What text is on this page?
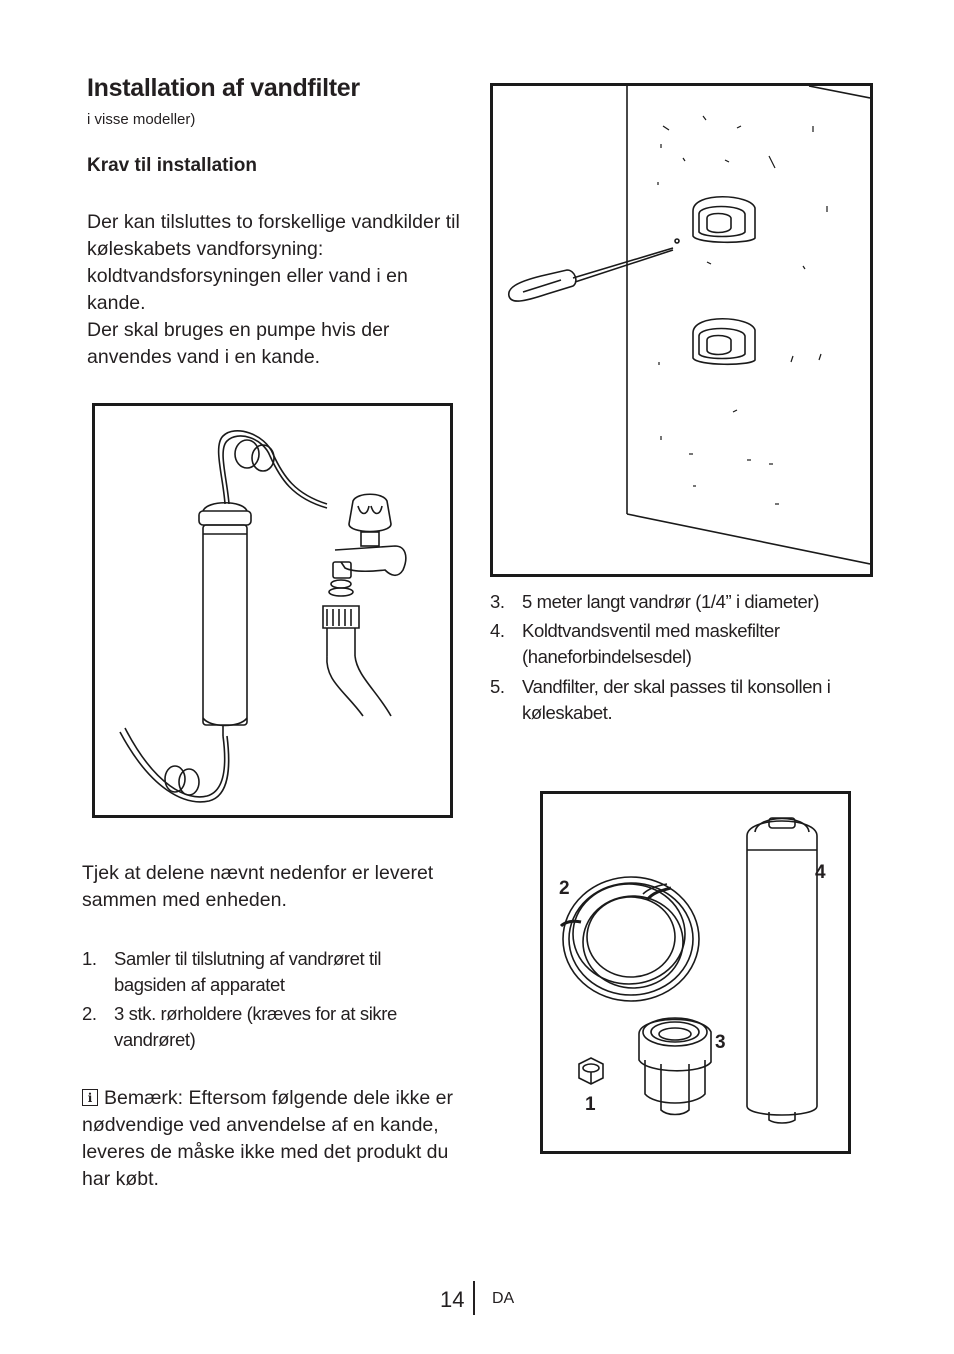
Installation af vandfilter
i visse modeller)
Krav til installation
Der kan tilsluttes to forskellige vandkilder til køleskabets vandforsyning: koldtvandsforsyningen eller vand i en kande.
Der skal bruges en pumpe hvis der anvendes vand i en kande.
3. 5 meter langt vandrør (1/4” i diameter)
4. Koldtvandsventil med maskefilter
(haneforbindelsesdel)
5. Vandfilter, der skal passes til konsollen i
køleskabet.
Tjek at delene nævnt nedenfor er leveret sammen med enheden.
1. Samler til tilslutning af vandrøret til
bagsiden af apparatet
2. 3 stk. rørholdere (kræves for at sikre
vandrøret)
i Bemærk: Eftersom følgende dele ikke er nødvendige ved anvendelse af en kande, leveres de måske ikke med det produkt du har købt.
2
4
3
1
14 DA
